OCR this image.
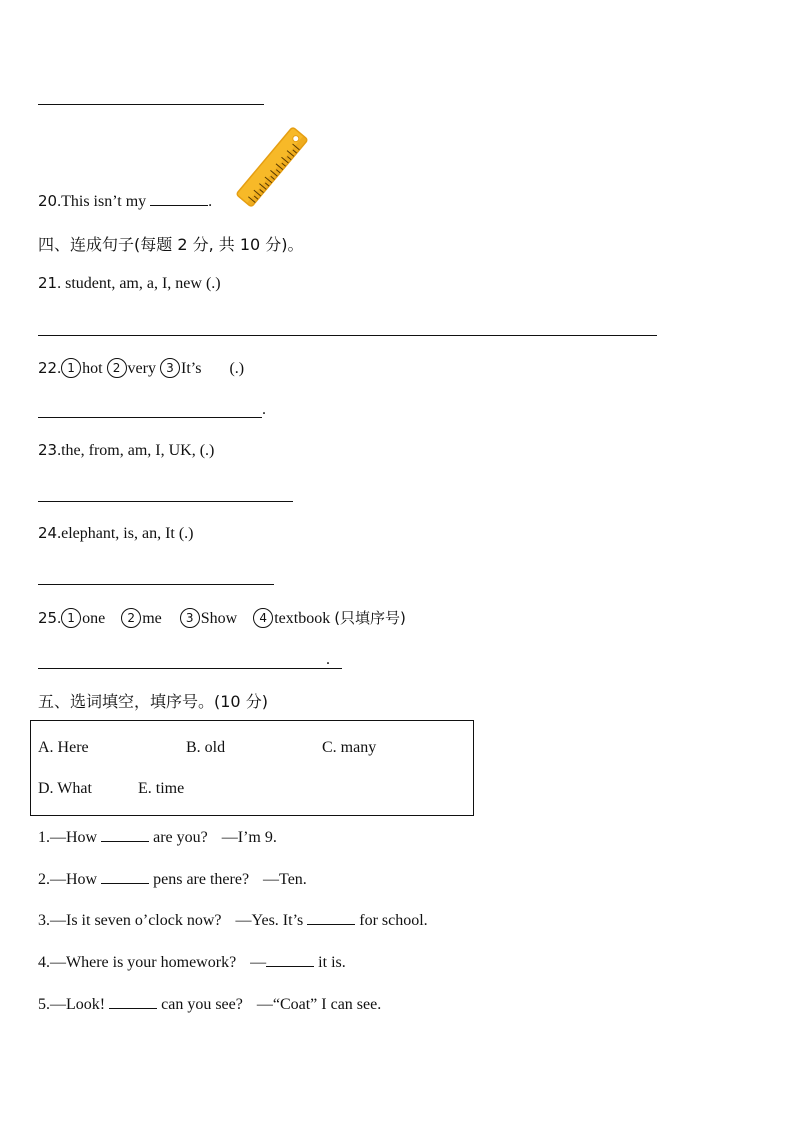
20.This isn’t my	.
四、连成句子(每题 2 分, 共 10 分)。
21. student, am, a, I, new (.)
22. 1 hot 2 very 3 It’s (.)
.
23.the, from, am, I, UK, (.)
24.elephant, is, an, It (.)
25. 1 one 2 me 3 Show 4 textbook (只填序号)
.
五、选词填空，填序号。(10 分)
A. Here	B. old	C. many
D. What	E. time
1.—How	are you? —I’m 9.
2.—How	pens are there? —Ten.
3.—Is it seven o’clock now? —Yes. It’s	for school.
4.—Where is your homework? —	it is.
5.—Look!	can you see? —“Coat” I can see.
